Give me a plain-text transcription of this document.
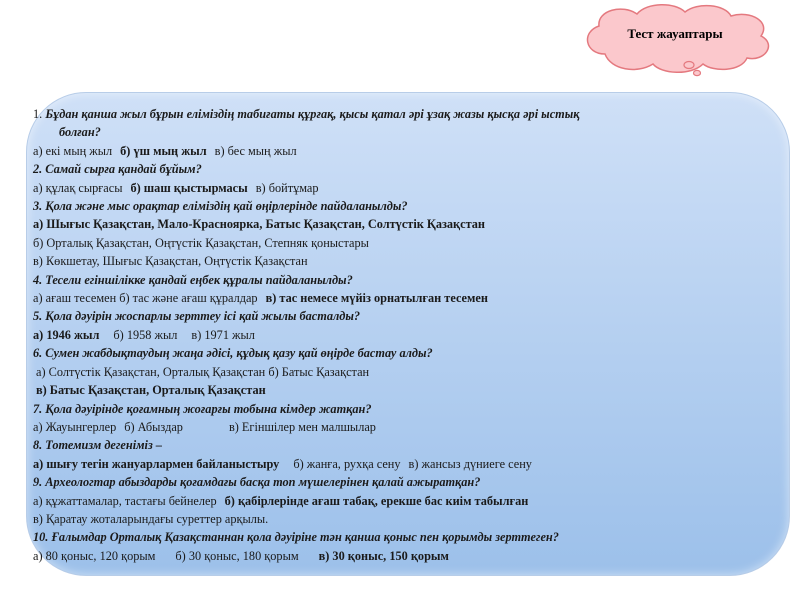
Тест жауаптары
1. Бұдан қанша жыл бұрын еліміздің табиғаты құрғақ, қысы қатал әрі ұзақ жазы қысқа әрі ыстық
болған?
а) екі мың жыл б) үш мың жыл в) бес мың жыл
2. Самай сырға қандай бұйым?
а) құлақ сырғасы б) шаш қыстырмасы в) бойтұмар
3. Қола және мыс орақтар еліміздің қай өңірлерінде пайдаланылды?
а) Шығыс Қазақстан, Мало-Красноярка, Батыс Қазақстан, Солтүстік Қазақстан
б) Орталық Қазақстан, Оңтүстік Қазақстан, Степняк қоныстары
в) Көкшетау, Шығыс Қазақстан, Оңтүстік Қазақстан
4. Тесели егіншілікке қандай еңбек құралы пайдаланылды?
а) ағаш тесемен б) тас және ағаш құралдар в) тас немесе мүйіз орнатылған тесемен
5. Қола дәуірін жоспарлы зерттеу ісі қай жылы басталды?
а) 1946 жыл б) 1958 жыл в) 1971 жыл
6. Сумен жабдықтаудың жаңа әдісі, құдық қазу қай өңірде бастау алды?
а) Солтүстік Қазақстан, Орталық Қазақстан б) Батыс Қазақстан
в) Батыс Қазақстан, Орталық Қазақстан
7. Қола дәуірінде қоғамның жоғарғы тобына кімдер жатқан?
а) Жауынгерлер б) Абыздар	в) Егіншілер мен малшылар
8. Тотемизм дегеніміз –
а) шығу тегін жануарлармен байланыстыру б) жанға, рухқа сену в) жансыз дүниеге сену
9. Археологтар абыздарды қоғамдағы басқа топ мүшелерінен қалай ажыратқан?
а) құжаттамалар, тастағы бейнелер б) қабірлерінде ағаш табақ, ерекше бас киім табылған
в) Қаратау жоталарындағы суреттер арқылы.
10. Ғалымдар Орталық Қазақстаннан қола дәуіріне тән қанша қоныс пен қорымды зерттеген?
а) 80 қоныс, 120 қорым б) 30 қоныс, 180 қорым в) 30 қоныс, 150 қорым
